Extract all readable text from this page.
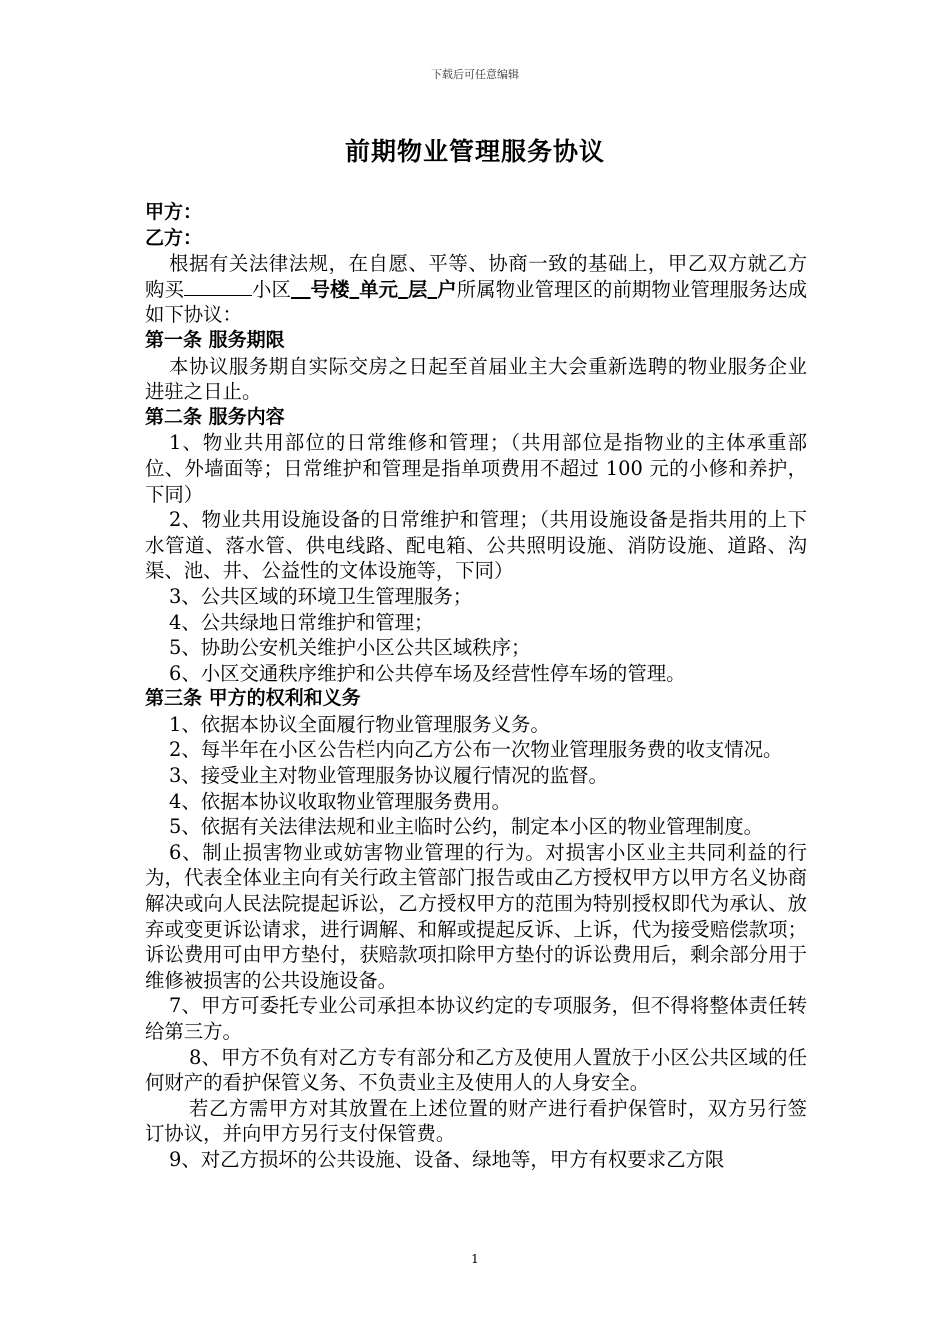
下载后可任意编辑
前期物业管理服务协议

甲方：

乙方：

根据有关法律法规，在自愿、平等、协商一致的基础上，甲乙双方就乙方购买	小区　 号楼  单元  层  户所属物业管理区的前期物业管理服务达成如下协议：

第一条 服务期限

本协议服务期自实际交房之日起至首届业主大会重新选聘的物业服务企业进驻之日止。

第二条 服务内容

1、物业共用部位的日常维修和管理；（共用部位是指物业的主体承重部位、外墙面等；日常维护和管理是指单项费用不超过 100 元的小修和养护，下同）

2、物业共用设施设备的日常维护和管理；（共用设施设备是指共用的上下水管道、落水管、供电线路、配电箱、公共照明设施、消防设施、道路、沟渠、池、井、公益性的文体设施等，下同）

3、公共区域的环境卫生管理服务；

4、公共绿地日常维护和管理；

5、协助公安机关维护小区公共区域秩序；

6、小区交通秩序维护和公共停车场及经营性停车场的管理。

第三条 甲方的权利和义务

1、依据本协议全面履行物业管理服务义务。

2、每半年在小区公告栏内向乙方公布一次物业管理服务费的收支情况。

3、接受业主对物业管理服务协议履行情况的监督。

4、依据本协议收取物业管理服务费用。

5、依据有关法律法规和业主临时公约，制定本小区的物业管理制度。

6、制止损害物业或妨害物业管理的行为。对损害小区业主共同利益的行为，代表全体业主向有关行政主管部门报告或由乙方授权甲方以甲方名义协商解决或向人民法院提起诉讼，乙方授权甲方的范围为特别授权即代为承认、放弃或变更诉讼请求，进行调解、和解或提起反诉、上诉，代为接受赔偿款项；诉讼费用可由甲方垫付，获赔款项扣除甲方垫付的诉讼费用后，剩余部分用于维修被损害的公共设施设备。

7、甲方可委托专业公司承担本协议约定的专项服务，但不得将整体责任转给第三方。

8、甲方不负有对乙方专有部分和乙方及使用人置放于小区公共区域的任何财产的看护保管义务、不负责业主及使用人的人身安全。

若乙方需甲方对其放置在上述位置的财产进行看护保管时，双方另行签订协议，并向甲方另行支付保管费。

9、对乙方损坏的公共设施、设备、绿地等，甲方有权要求乙方限

1
